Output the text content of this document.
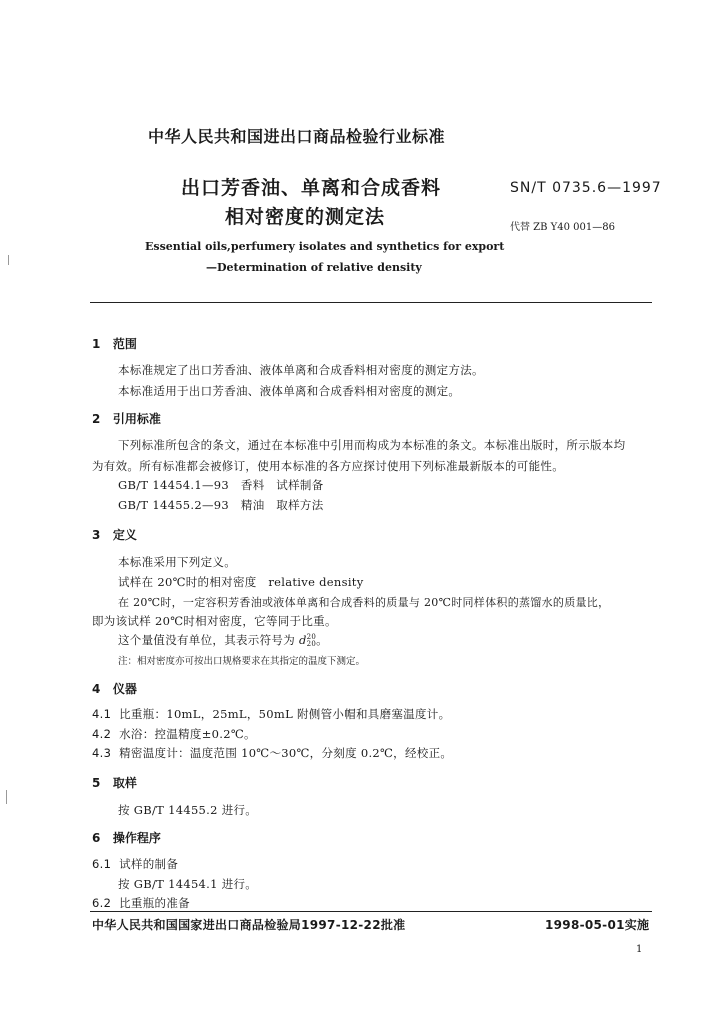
中华人民共和国进出口商品检验行业标准
出口芳香油、单离和合成香料
相对密度的测定法
SN/T 0735.6—1997
代替 ZB Y40 001—86
Essential oils,perfumery isolates and synthetics for export
—Determination of relative density
1 范围
本标准规定了出口芳香油、液体单离和合成香料相对密度的测定方法。
本标准适用于出口芳香油、液体单离和合成香料相对密度的测定。
2 引用标准
下列标准所包含的条文，通过在本标准中引用而构成为本标准的条文。本标准出版时，所示版本均
为有效。所有标准都会被修订，使用本标准的各方应探讨使用下列标准最新版本的可能性。
GB/T 14454.1—93 香料　试样制备
GB/T 14455.2—93 精油　取样方法
3 定义
本标准采用下列定义。
试样在 20℃时的相对密度　relative density
在 20℃时，一定容积芳香油或液体单离和合成香料的质量与 20℃时同样体积的蒸馏水的质量比，
即为该试样 20℃时相对密度，它等同于比重。
这个量值没有单位，其表示符号为 d 20
20 。
注：相对密度亦可按出口规格要求在其指定的温度下测定。
4 仪器
4.1 比重瓶：10mL，25mL，50mL 附侧管小帽和具磨塞温度计。
4.2 水浴：控温精度±0.2℃。
4.3 精密温度计：温度范围 10℃～30℃，分刻度 0.2℃，经校正。
5 取样
按 GB/T 14455.2 进行。
6 操作程序
6.1 试样的制备
按 GB/T 14454.1 进行。
6.2 比重瓶的准备
中华人民共和国国家进出口商品检验局1997-12-22批准	1998-05-01实施
1
